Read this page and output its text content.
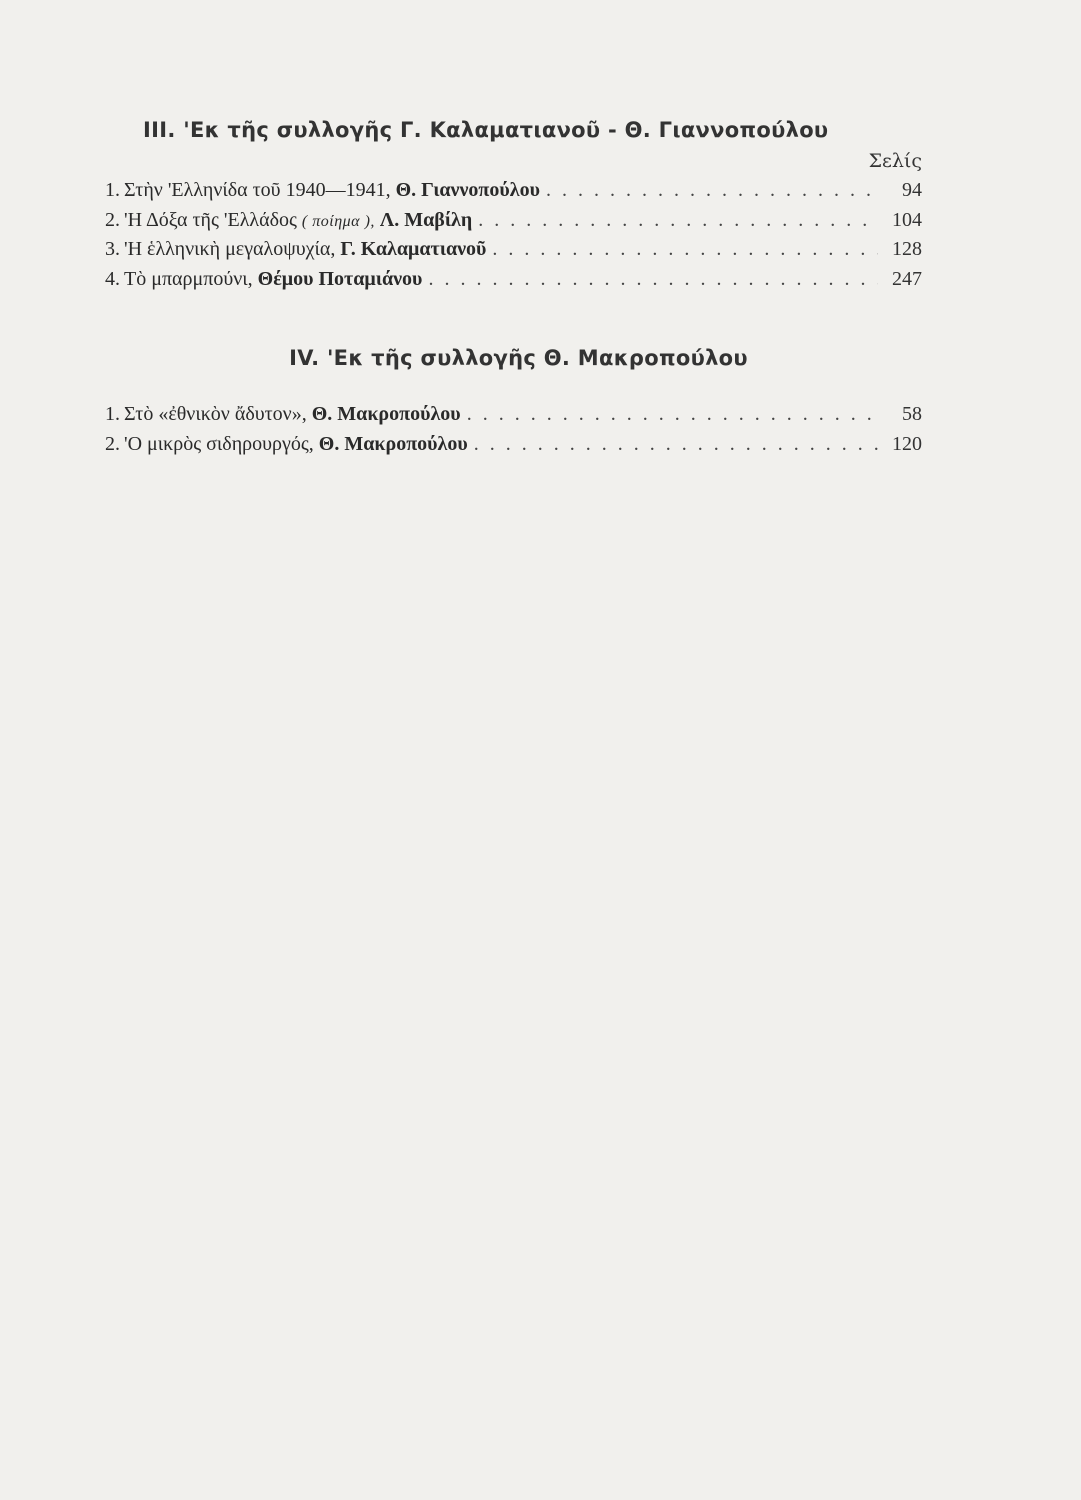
III. 'Εκ τῆς συλλογῆς Γ. Καλαματιανοῦ - Θ. Γιαννοπούλου
Σελίς
1. Στὴν 'Ελληνίδα τοῦ 1940—1941, Θ. Γιαννοπούλου . . .	94
2. 'Η Δόξα τῆς 'Ελλάδος ( ποίημα ), Λ. Μαβίλη . . .	104
3. 'Η ἑλληνικὴ μεγαλοψυχία, Γ. Καλαματιανοῦ . . .	128
4. Τὸ μπαρμπούνι, Θέμου Ποταμιάνου . . .	247
IV. 'Εκ τῆς συλλογῆς Θ. Μακροπούλου
1. Στὸ «ἐθνικὸν ἄδυτον», Θ. Μακροπούλου . . .	58
2. 'Ο μικρὸς σιδηρουργός, Θ. Μακροπούλου . . .	120
